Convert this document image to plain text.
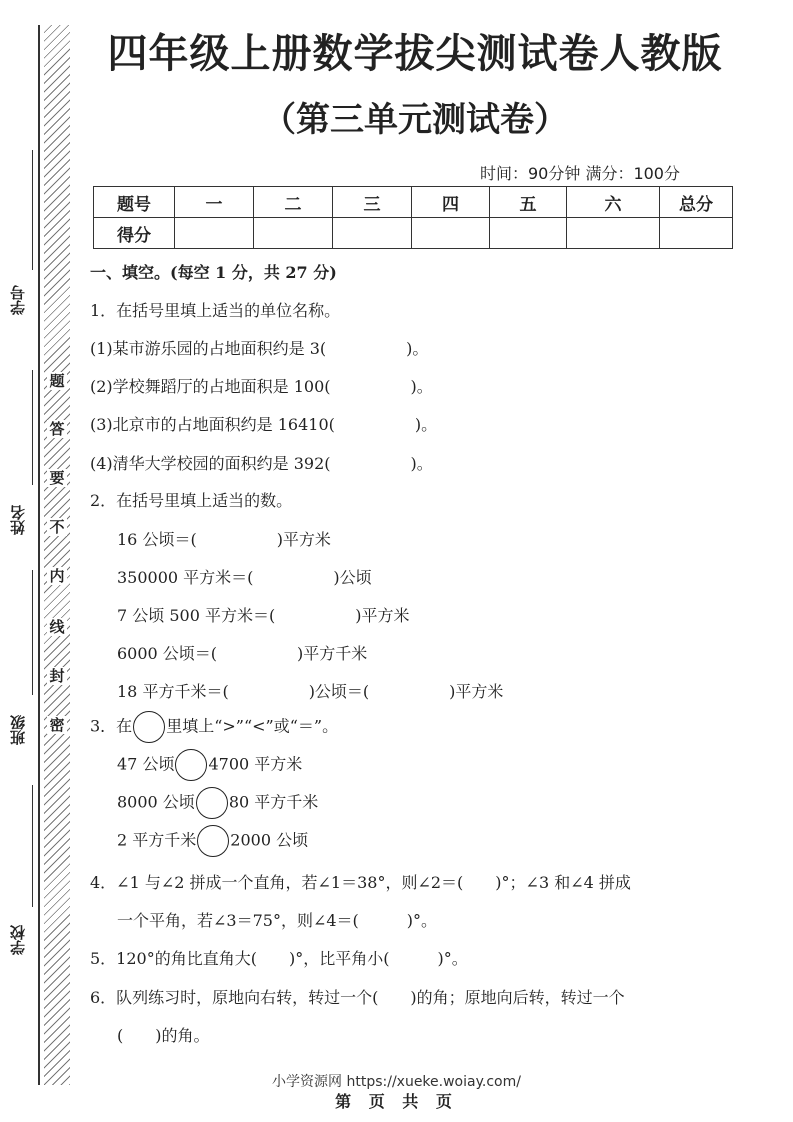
学号
姓名
班级
学校
题
答
要
不
内
线
封
密
四年级上册数学拔尖测试卷人教版
（第三单元测试卷）
时间：90分钟 满分：100分
题号	一	二	三	四	五	六	总分
得分							
一、填空。(每空 1 分，共 27 分)
1．在括号里填上适当的单位名称。
(1)某市游乐园的占地面积约是 3(　　　　　)。
(2)学校舞蹈厅的占地面积是 100(　　　　　)。
(3)北京市的占地面积约是 16410(　　　　　)。
(4)清华大学校园的面积约是 392(　　　　　)。
2．在括号里填上适当的数。
16 公顷＝(　　　　　)平方米
350000 平方米＝(　　　　　)公顷
7 公顷 500 平方米＝(　　　　　)平方米
6000 公顷＝(　　　　　)平方千米
18 平方千米＝(　　　　　)公顷＝(　　　　　)平方米
3．在 里填上“>”“<”或“＝”。
47 公顷 4700 平方米
8000 公顷 80 平方千米
2 平方千米 2000 公顷
4．∠1 与∠2 拼成一个直角，若∠1＝38°，则∠2＝(　　)°；∠3 和∠4 拼成
一个平角，若∠3＝75°，则∠4＝(　　　)°。
5．120°的角比直角大(　　)°，比平角小(　　　)°。
6．队列练习时，原地向右转，转过一个(　　)的角；原地向后转，转过一个
(　　)的角。
小学资源网 https://xueke.woiay.com/
第 页 共 页
